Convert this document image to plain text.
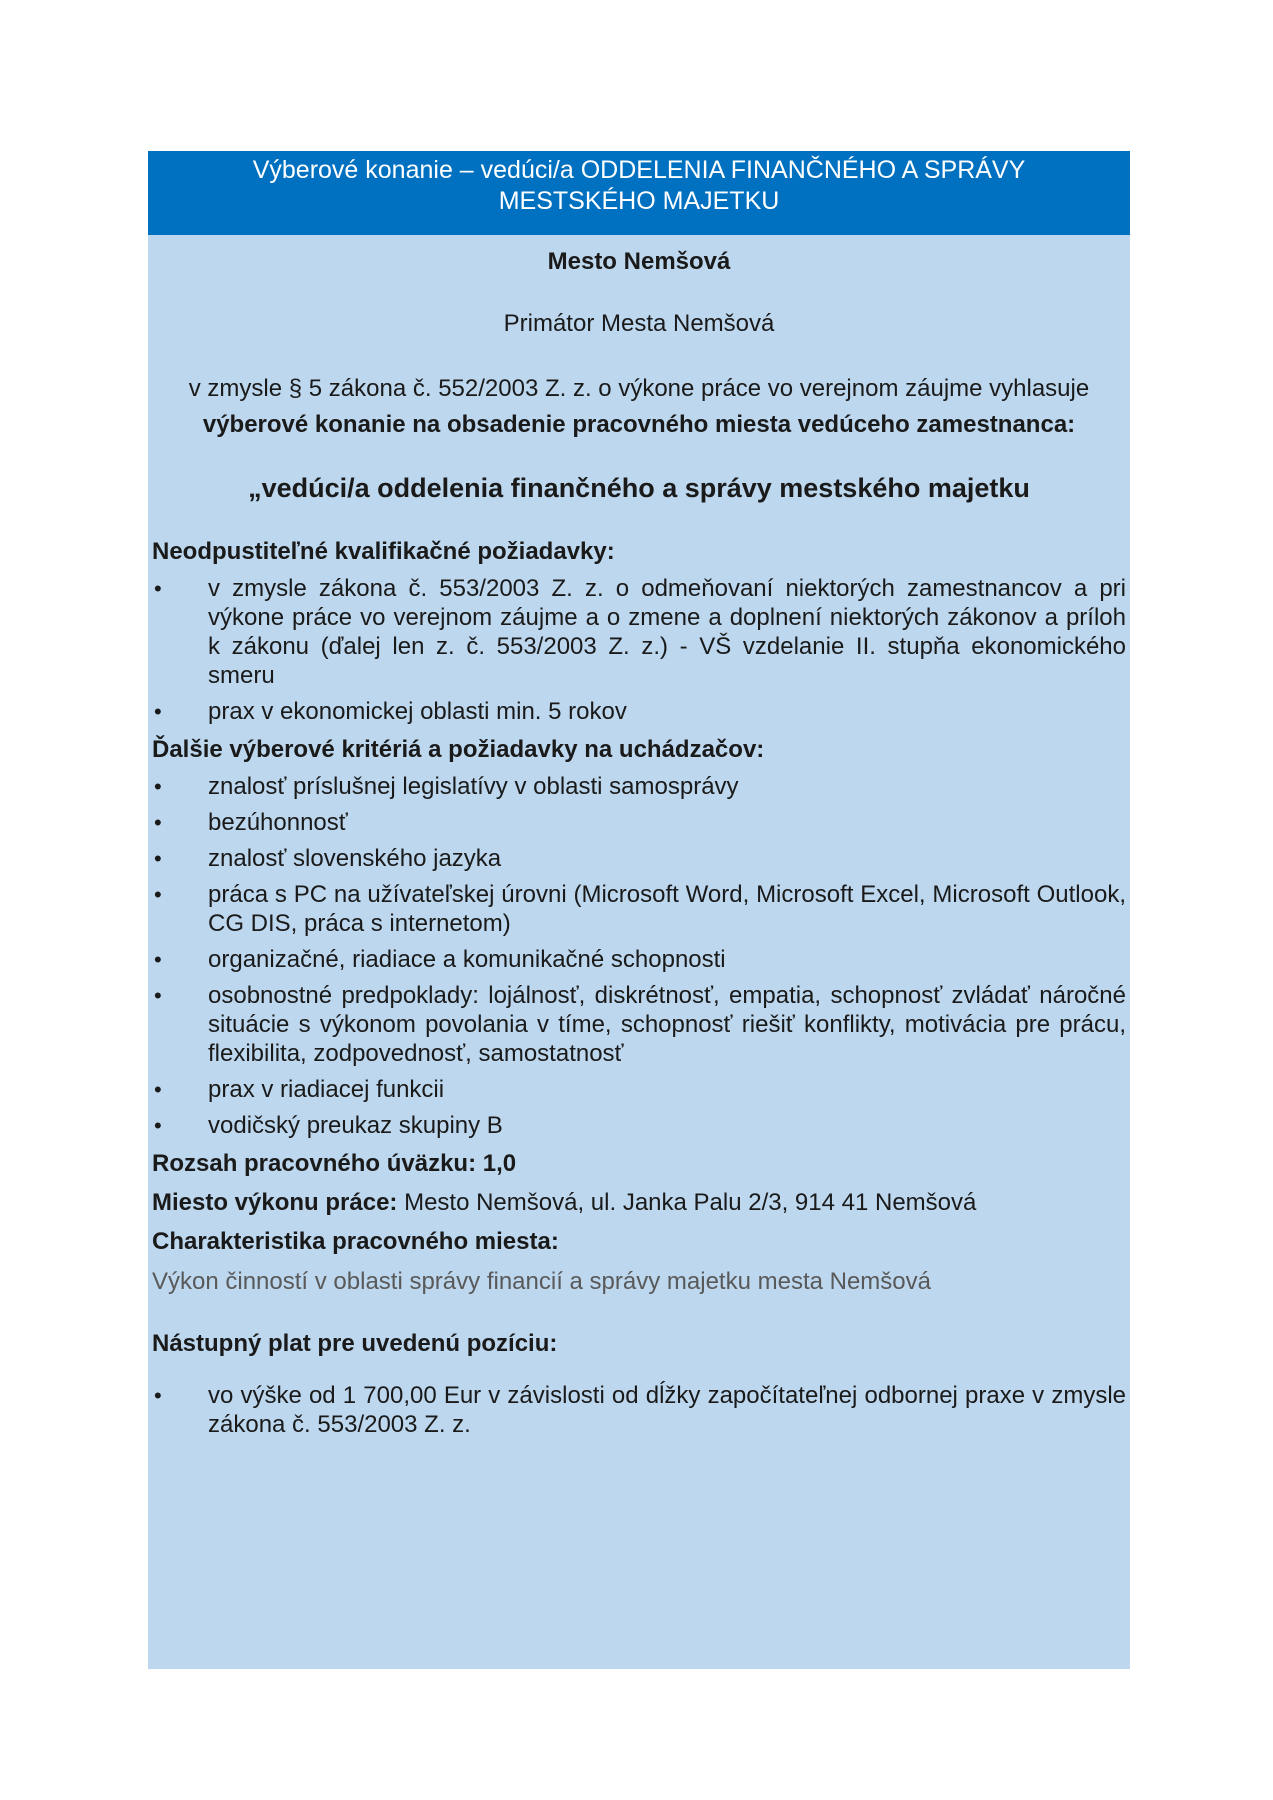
Výberové konanie – vedúci/a ODDELENIA FINANČNÉHO A SPRÁVY
MESTSKÉHO MAJETKU
Mesto Nemšová
Primátor Mesta Nemšová
v zmysle § 5 zákona č. 552/2003 Z. z. o výkone práce vo verejnom záujme vyhlasuje výberové konanie na obsadenie pracovného miesta vedúceho zamestnanca:
„vedúci/a oddelenia finančného a správy mestského majetku
Neodpustiteľné kvalifikačné požiadavky:
• v zmysle zákona č. 553/2003 Z. z. o odmeňovaní niektorých zamestnancov a pri výkone práce vo verejnom záujme a o zmene a doplnení niektorých zákonov a príloh k zákonu (ďalej len z. č. 553/2003 Z. z.) - VŠ vzdelanie II. stupňa ekonomického smeru
• prax v ekonomickej oblasti min. 5 rokov
Ďalšie výberové kritériá a požiadavky na uchádzačov:
• znalosť príslušnej legislatívy v oblasti samosprávy
• bezúhonnosť
• znalosť slovenského jazyka
• práca s PC na užívateľskej úrovni (Microsoft Word, Microsoft Excel, Microsoft Outlook, CG DIS, práca s internetom)
• organizačné, riadiace a komunikačné schopnosti
• osobnostné predpoklady: lojálnosť, diskrétnosť, empatia, schopnosť zvládať náročné situácie s výkonom povolania v tíme, schopnosť riešiť konflikty, motivácia pre prácu, flexibilita, zodpovednosť, samostatnosť
• prax v riadiacej funkcii
• vodičský preukaz skupiny B
Rozsah pracovného úväzku: 1,0
Miesto výkonu práce: Mesto Nemšová, ul. Janka Palu 2/3, 914 41 Nemšová
Charakteristika pracovného miesta:
Výkon činností v oblasti správy financií a správy majetku mesta Nemšová
Nástupný plat pre uvedenú pozíciu:
• vo výške od 1 700,00 Eur v závislosti od dĺžky započítateľnej odbornej praxe v zmysle zákona č. 553/2003 Z. z.
